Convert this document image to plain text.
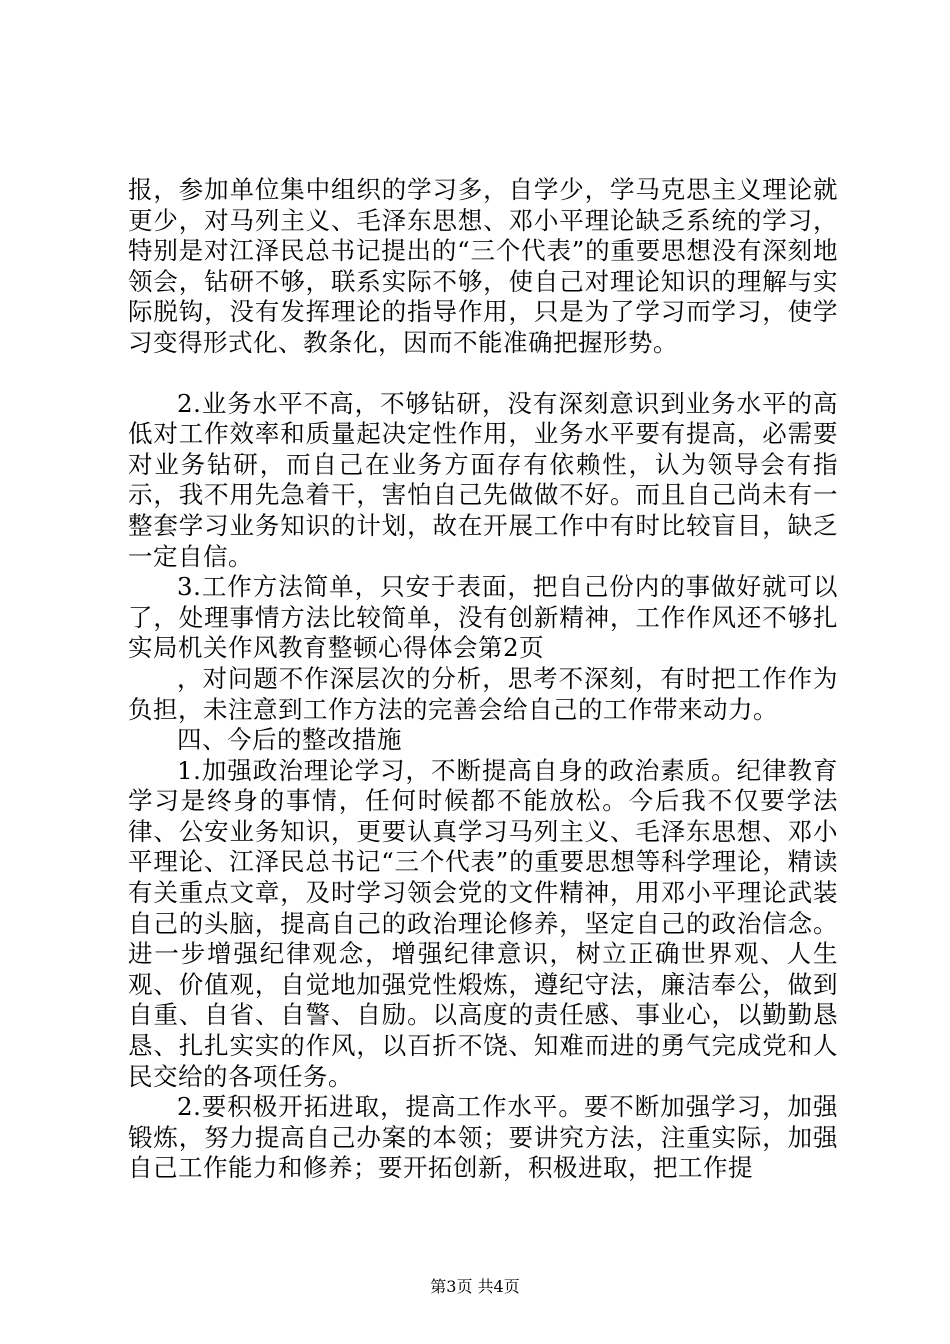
报，参加单位集中组织的学习多，自学少，学马克思主义理论就更少，对马列主义、毛泽东思想、邓小平理论缺乏系统的学习，特别是对江泽民总书记提出的“三个代表”的重要思想没有深刻地领会，钻研不够，联系实际不够，使自己对理论知识的理解与实际脱钩，没有发挥理论的指导作用，只是为了学习而学习，使学习变得形式化、教条化，因而不能准确把握形势。

2.业务水平不高，不够钻研，没有深刻意识到业务水平的高低对工作效率和质量起决定性作用，业务水平要有提高，必需要对业务钻研，而自己在业务方面存有依赖性，认为领导会有指示，我不用先急着干，害怕自己先做做不好。而且自己尚未有一整套学习业务知识的计划，故在开展工作中有时比较盲目，缺乏一定自信。

3.工作方法简单，只安于表面，把自己份内的事做好就可以了，处理事情方法比较简单，没有创新精神，工作作风还不够扎实局机关作风教育整顿心得体会第2页

，对问题不作深层次的分析，思考不深刻，有时把工作作为负担，未注意到工作方法的完善会给自己的工作带来动力。

四、今后的整改措施

1.加强政治理论学习，不断提高自身的政治素质。纪律教育学习是终身的事情，任何时候都不能放松。今后我不仅要学法律、公安业务知识，更要认真学习马列主义、毛泽东思想、邓小平理论、江泽民总书记“三个代表”的重要思想等科学理论，精读有关重点文章，及时学习领会党的文件精神，用邓小平理论武装自己的头脑，提高自己的政治理论修养，坚定自己的政治信念。进一步增强纪律观念，增强纪律意识，树立正确世界观、人生观、价值观，自觉地加强党性煅炼，遵纪守法，廉洁奉公，做到自重、自省、自警、自励。以高度的责任感、事业心，以勤勤恳恳、扎扎实实的作风，以百折不饶、知难而进的勇气完成党和人民交给的各项任务。

2.要积极开拓进取，提高工作水平。要不断加强学习，加强锻炼，努力提高自己办案的本领；要讲究方法，注重实际，加强自己工作能力和修养；要开拓创新，积极进取，把工作提

第3页 共4页
